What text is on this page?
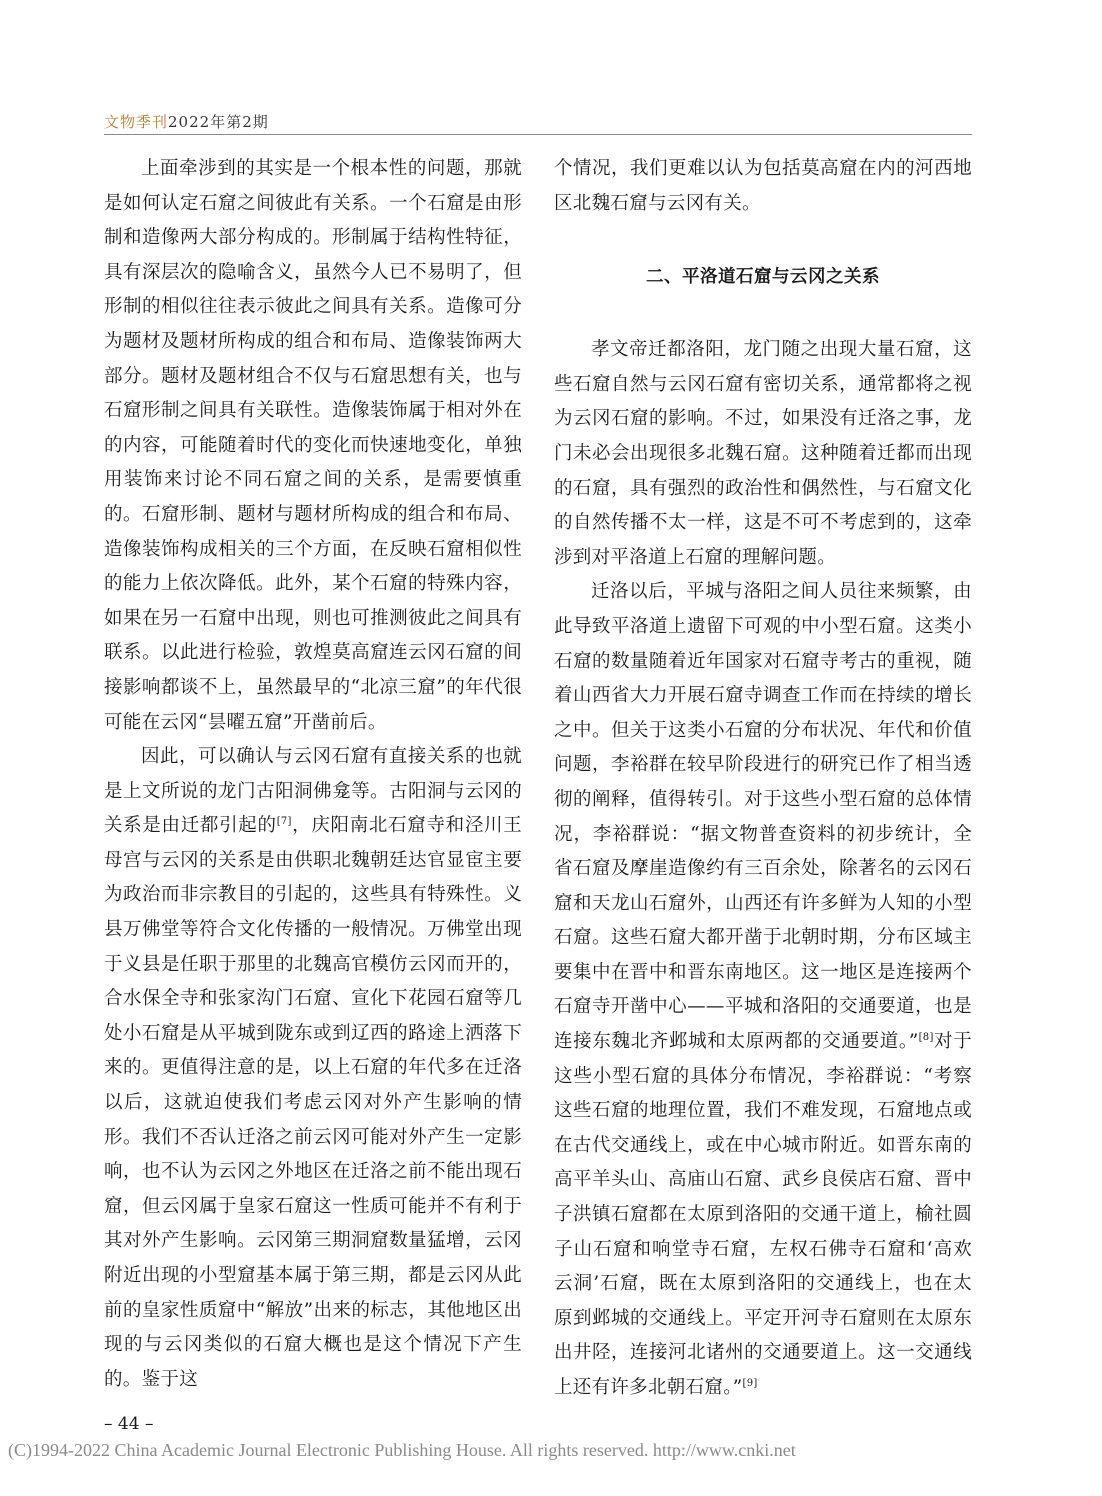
文物季刊2022年第2期

上面牵涉到的其实是一个根本性的问题，那就是如何认定石窟之间彼此有关系。一个石窟是由形制和造像两大部分构成的。形制属于结构性特征，具有深层次的隐喻含义，虽然今人已不易明了，但形制的相似往往表示彼此之间具有关系。造像可分为题材及题材所构成的组合和布局、造像装饰两大部分。题材及题材组合不仅与石窟思想有关，也与石窟形制之间具有关联性。造像装饰属于相对外在的内容，可能随着时代的变化而快速地变化，单独用装饰来讨论不同石窟之间的关系，是需要慎重的。石窟形制、题材与题材所构成的组合和布局、造像装饰构成相关的三个方面，在反映石窟相似性的能力上依次降低。此外，某个石窟的特殊内容，如果在另一石窟中出现，则也可推测彼此之间具有联系。以此进行检验，敦煌莫高窟连云冈石窟的间接影响都谈不上，虽然最早的“北凉三窟”的年代很可能在云冈“昙曜五窟”开凿前后。

因此，可以确认与云冈石窟有直接关系的也就是上文所说的龙门古阳洞佛龛等。古阳洞与云冈的关系是由迁都引起的[7]，庆阳南北石窟寺和泾川王母宫与云冈的关系是由供职北魏朝廷达官显宦主要为政治而非宗教目的引起的，这些具有特殊性。义县万佛堂等符合文化传播的一般情况。万佛堂出现于义县是任职于那里的北魏高官模仿云冈而开的，合水保全寺和张家沟门石窟、宣化下花园石窟等几处小石窟是从平城到陇东或到辽西的路途上洒落下来的。更值得注意的是，以上石窟的年代多在迁洛以后，这就迫使我们考虑云冈对外产生影响的情形。我们不否认迁洛之前云冈可能对外产生一定影响，也不认为云冈之外地区在迁洛之前不能出现石窟，但云冈属于皇家石窟这一性质可能并不有利于其对外产生影响。云冈第三期洞窟数量猛增，云冈附近出现的小型窟基本属于第三期，都是云冈从此前的皇家性质窟中“解放”出来的标志，其他地区出现的与云冈类似的石窟大概也是这个情况下产生的。鉴于这

个情况，我们更难以认为包括莫高窟在内的河西地区北魏石窟与云冈有关。

二、平洛道石窟与云冈之关系

孝文帝迁都洛阳，龙门随之出现大量石窟，这些石窟自然与云冈石窟有密切关系，通常都将之视为云冈石窟的影响。不过，如果没有迁洛之事，龙门未必会出现很多北魏石窟。这种随着迁都而出现的石窟，具有强烈的政治性和偶然性，与石窟文化的自然传播不太一样，这是不可不考虑到的，这牵涉到对平洛道上石窟的理解问题。

迁洛以后，平城与洛阳之间人员往来频繁，由此导致平洛道上遗留下可观的中小型石窟。这类小石窟的数量随着近年国家对石窟寺考古的重视，随着山西省大力开展石窟寺调查工作而在持续的增长之中。但关于这类小石窟的分布状况、年代和价值问题，李裕群在较早阶段进行的研究已作了相当透彻的阐释，值得转引。对于这些小型石窟的总体情况，李裕群说：“据文物普查资料的初步统计，全省石窟及摩崖造像约有三百余处，除著名的云冈石窟和天龙山石窟外，山西还有许多鲜为人知的小型石窟。这些石窟大都开凿于北朝时期，分布区域主要集中在晋中和晋东南地区。这一地区是连接两个石窟寺开凿中心——平城和洛阳的交通要道，也是连接东魏北齐邺城和太原两都的交通要道。”[8]对于这些小型石窟的具体分布情况，李裕群说：“考察这些石窟的地理位置，我们不难发现，石窟地点或在古代交通线上，或在中心城市附近。如晋东南的高平羊头山、高庙山石窟、武乡良侯店石窟、晋中子洪镇石窟都在太原到洛阳的交通干道上，榆社圆子山石窟和响堂寺石窟，左权石佛寺石窟和‘高欢云洞’石窟，既在太原到洛阳的交通线上，也在太原到邺城的交通线上。平定开河寺石窟则在太原东出井陉，连接河北诸州的交通要道上。这一交通线上还有许多北朝石窟。”[9]

– 44 –
(C)1994-2022 China Academic Journal Electronic Publishing House. All rights reserved. http://www.cnki.net
